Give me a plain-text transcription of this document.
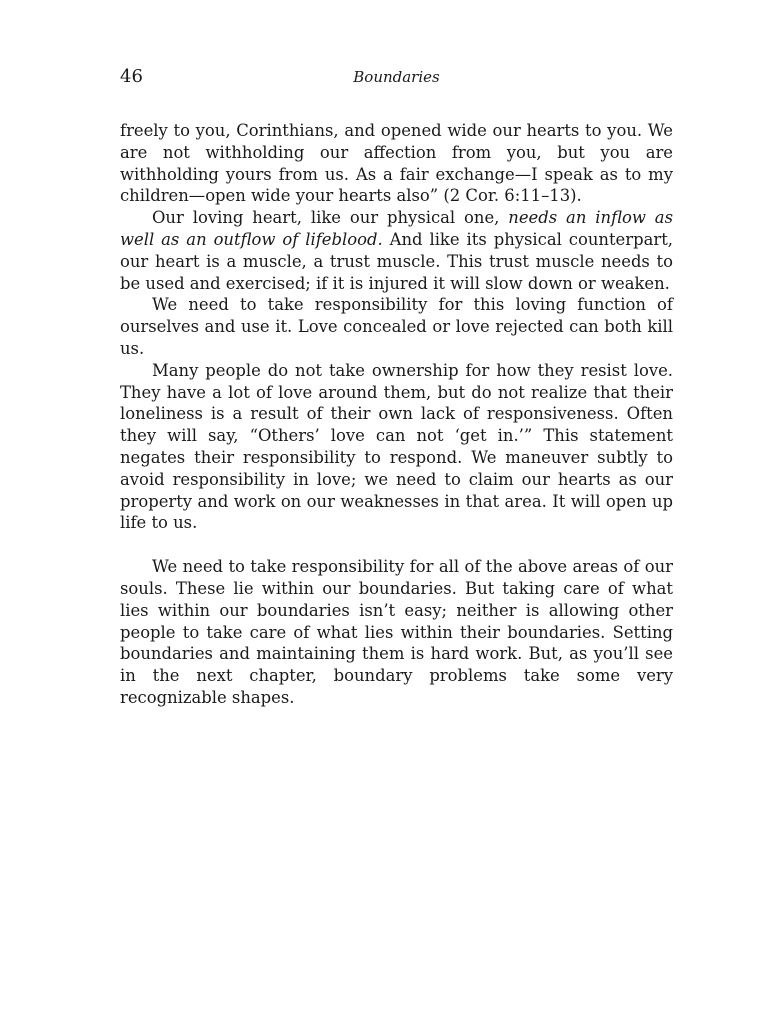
46	Boundaries

freely to you, Corinthians, and opened wide our hearts to you. We are not withholding our affection from you, but you are withholding yours from us. As a fair exchange—I speak as to my children—open wide your hearts also” (2 Cor. 6:11–13).

Our loving heart, like our physical one, needs an inflow as well as an outflow of lifeblood. And like its physical counterpart, our heart is a muscle, a trust muscle. This trust muscle needs to be used and exercised; if it is injured it will slow down or weaken.

We need to take responsibility for this loving function of ourselves and use it. Love concealed or love rejected can both kill us.

Many people do not take ownership for how they resist love. They have a lot of love around them, but do not realize that their loneliness is a result of their own lack of responsiveness. Often they will say, “Others’ love can not ‘get in.’” This statement negates their responsibility to respond. We maneuver subtly to avoid responsibility in love; we need to claim our hearts as our property and work on our weaknesses in that area. It will open up life to us.

We need to take responsibility for all of the above areas of our souls. These lie within our boundaries. But taking care of what lies within our boundaries isn’t easy; neither is allowing other people to take care of what lies within their boundaries. Setting boundaries and maintaining them is hard work. But, as you’ll see in the next chapter, boundary problems take some very recognizable shapes.
